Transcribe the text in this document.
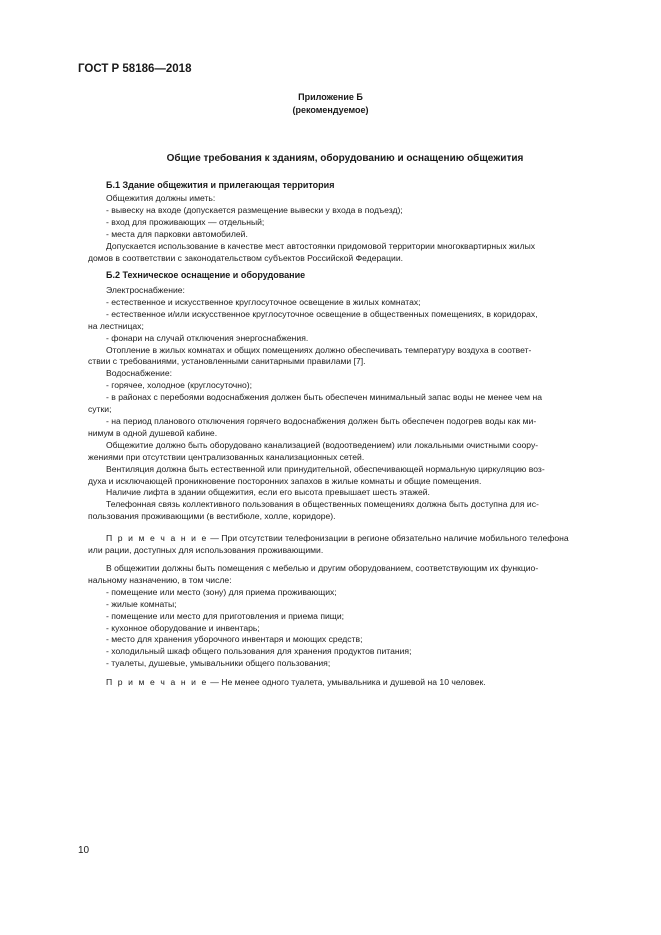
ГОСТ Р 58186—2018
Приложение Б
(рекомендуемое)
Общие требования к зданиям, оборудованию и оснащению общежития
Б.1 Здание общежития и прилегающая территория

Общежития должны иметь:

- вывеску на входе (допускается размещение вывески у входа в подъезд);

- вход для проживающих — отдельный;

- места для парковки автомобилей.

Допускается использование в качестве мест автостоянки придомовой территории многоквартирных жилых

домов в соответствии с законодательством субъектов Российской Федерации.

Б.2 Техническое оснащение и оборудование

Электроснабжение:

- естественное и искусственное круглосуточное освещение в жилых комнатах;

- естественное и/или искусственное круглосуточное освещение в общественных помещениях, в коридорах,

на лестницах;

- фонари на случай отключения энергоснабжения.

Отопление в жилых комнатах и общих помещениях должно обеспечивать температуру воздуха в соответ-

ствии с требованиями, установленными санитарными правилами [7].

Водоснабжение:

- горячее, холодное (круглосуточно);

- в районах с перебоями водоснабжения должен быть обеспечен минимальный запас воды не менее чем на

сутки;

- на период планового отключения горячего водоснабжения должен быть обеспечен подогрев воды как ми-

нимум в одной душевой кабине.

Общежитие должно быть оборудовано канализацией (водоотведением) или локальными очистными соору-

жениями при отсутствии централизованных канализационных сетей.

Вентиляция должна быть естественной или принудительной, обеспечивающей нормальную циркуляцию воз-

духа и исключающей проникновение посторонних запахов в жилые комнаты и общие помещения.

Наличие лифта в здании общежития, если его высота превышает шесть этажей.

Телефонная связь коллективного пользования в общественных помещениях должна быть доступна для ис-

пользования проживающими (в вестибюле, холле, коридоре).

П р и м е ч а н и е — При отсутствии телефонизации в регионе обязательно наличие мобильного телефона

или рации, доступных для использования проживающими.

В общежитии должны быть помещения с мебелью и другим оборудованием, соответствующим их функцио-

нальному назначению, в том числе:

- помещение или место (зону) для приема проживающих;

- жилые комнаты;

- помещение или место для приготовления и приема пищи;

- кухонное оборудование и инвентарь;

- место для хранения уборочного инвентаря и моющих средств;

- холодильный шкаф общего пользования для хранения продуктов питания;

- туалеты, душевые, умывальники общего пользования;

П р и м е ч а н и е — Не менее одного туалета, умывальника и душевой на 10 человек.

10
